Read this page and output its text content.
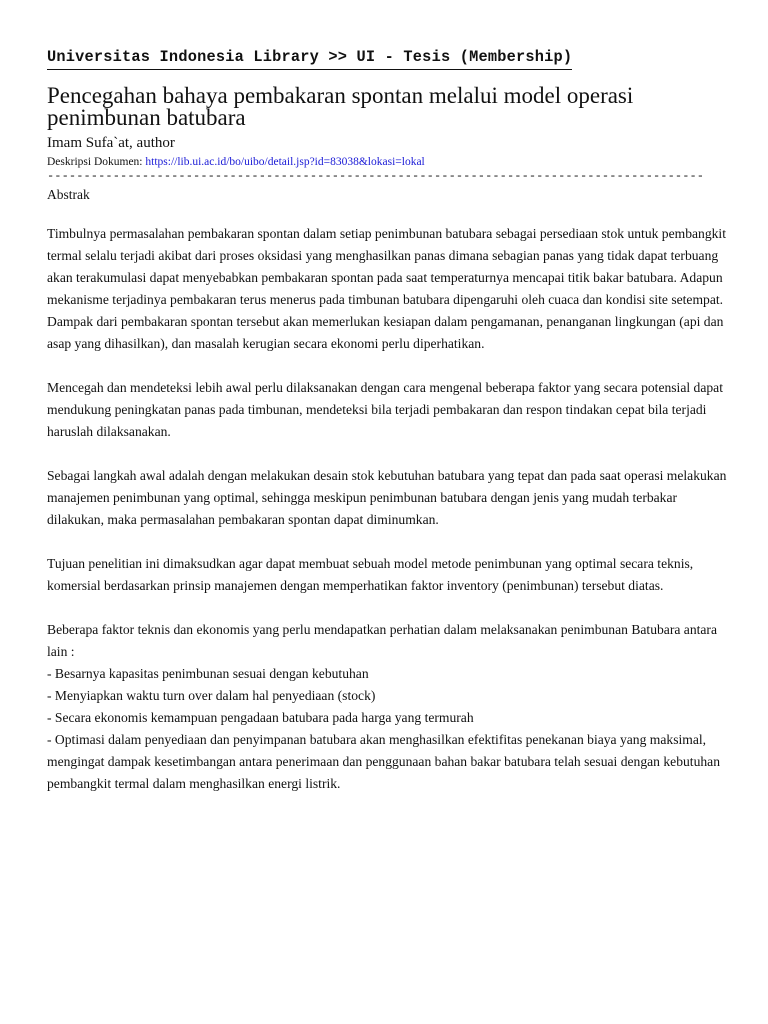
Universitas Indonesia Library >> UI - Tesis (Membership)
Pencegahan bahaya pembakaran spontan melalui model operasi penimbunan batubara
Imam Sufa`at, author
Deskripsi Dokumen: https://lib.ui.ac.id/bo/uibo/detail.jsp?id=83038&lokasi=lokal
------------------------------------------------------------------------------------------
Abstrak

Timbulnya permasalahan pembakaran spontan dalam setiap penimbunan batubara sebagai persediaan stok untuk pembangkit termal selalu terjadi akibat dari proses oksidasi yang menghasilkan panas dimana sebagian panas yang tidak dapat terbuang akan terakumulasi dapat menyebabkan pembakaran spontan pada saat temperaturnya mencapai titik bakar batubara. Adapun mekanisme terjadinya pembakaran terus menerus pada timbunan batubara dipengaruhi oleh cuaca dan kondisi site setempat. Dampak dari pembakaran spontan tersebut akan memerlukan kesiapan dalam pengamanan, penanganan lingkungan (api dan asap yang dihasilkan), dan masalah kerugian secara ekonomi perlu diperhatikan.

Mencegah dan mendeteksi lebih awal perlu dilaksanakan dengan cara mengenal beberapa faktor yang secara potensial dapat mendukung peningkatan panas pada timbunan, mendeteksi bila terjadi pembakaran dan respon tindakan cepat bila terjadi haruslah dilaksanakan.

Sebagai langkah awal adalah dengan melakukan desain stok kebutuhan batubara yang tepat dan pada saat operasi melakukan manajemen penimbunan yang optimal, sehingga meskipun penimbunan batubara dengan jenis yang mudah terbakar dilakukan, maka permasalahan pembakaran spontan dapat diminumkan.

Tujuan penelitian ini dimaksudkan agar dapat membuat sebuah model metode penimbunan yang optimal secara teknis, komersial berdasarkan prinsip manajemen dengan memperhatikan faktor inventory (penimbunan) tersebut diatas.

Beberapa faktor teknis dan ekonomis yang perlu mendapatkan perhatian dalam melaksanakan penimbunan Batubara antara lain :
- Besarnya kapasitas penimbunan sesuai dengan kebutuhan
- Menyiapkan waktu turn over dalam hal penyediaan (stock)
- Secara ekonomis kemampuan pengadaan batubara pada harga yang termurah
- Optimasi dalam penyediaan dan penyimpanan batubara akan menghasilkan efektifitas penekanan biaya yang maksimal, mengingat dampak kesetimbangan antara penerimaan dan penggunaan bahan bakar batubara telah sesuai dengan kebutuhan pembangkit termal dalam menghasilkan energi listrik.
